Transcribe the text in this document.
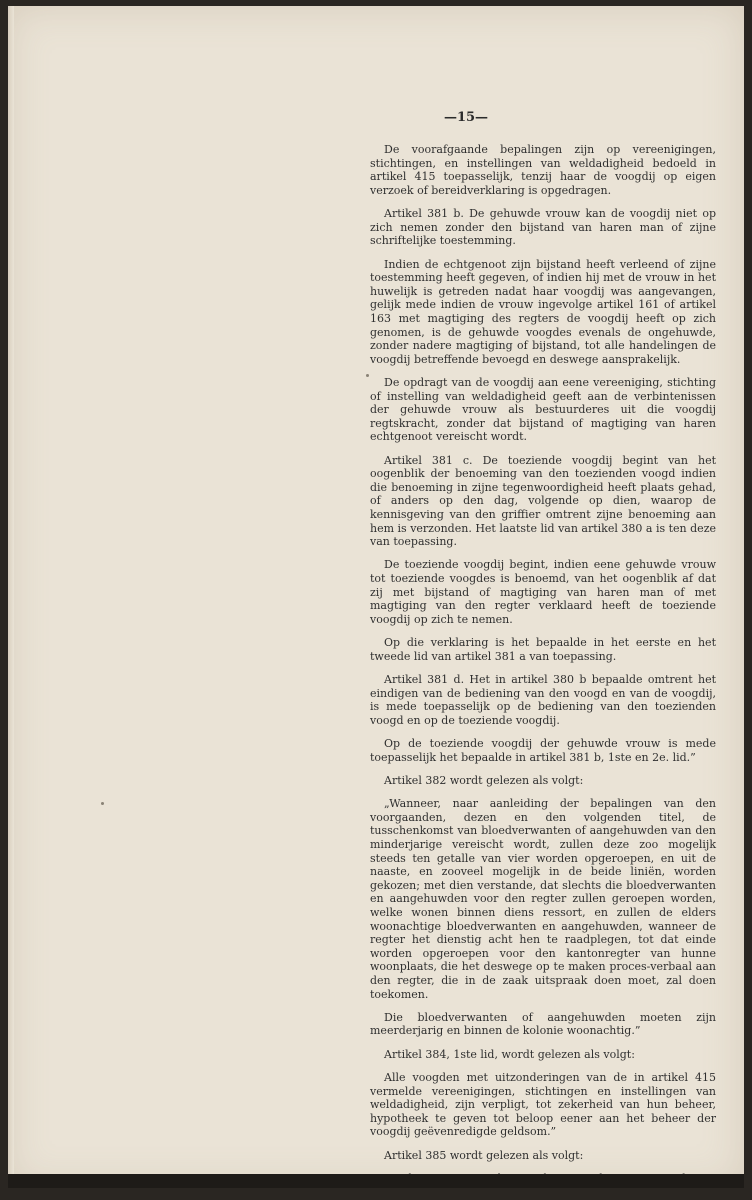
—15—

De voorafgaande bepalingen zijn op vereenigingen, stichtingen, en instellingen van weldadigheid bedoeld in artikel 415 toepasselijk, tenzij haar de voogdij op eigen verzoek of bereidverklaring is opgedragen.

Artikel 381 b. De gehuwde vrouw kan de voogdij niet op zich nemen zonder den bijstand van haren man of zijne schriftelijke toestemming.

Indien de echtgenoot zijn bijstand heeft verleend of zijne toestemming heeft gegeven, of indien hij met de vrouw in het huwelijk is getreden nadat haar voogdij was aangevangen, gelijk mede indien de vrouw ingevolge artikel 161 of artikel 163 met magtiging des regters de voogdij heeft op zich genomen, is de gehuwde voogdes evenals de ongehuwde, zonder nadere magtiging of bijstand, tot alle handelingen de voogdij betreffende bevoegd en deswege aansprakelijk.

De opdragt van de voogdij aan eene vereeniging, stichting of instelling van weldadigheid geeft aan de verbintenissen der gehuwde vrouw als bestuurderes uit die voogdij regtskracht, zonder dat bijstand of magtiging van haren echtgenoot vereischt wordt.

Artikel 381 c. De toeziende voogdij begint van het oogenblik der benoeming van den toezienden voogd indien die benoeming in zijne tegenwoordigheid heeft plaats gehad, of anders op den dag, volgende op dien, waarop de kennisgeving van den griffier omtrent zijne benoeming aan hem is verzonden. Het laatste lid van artikel 380 a is ten deze van toepassing.

De toeziende voogdij begint, indien eene gehuwde vrouw tot toeziende voogdes is benoemd, van het oogenblik af dat zij met bijstand of magtiging van haren man of met magtiging van den regter verklaard heeft de toeziende voogdij op zich te nemen.

Op die verklaring is het bepaalde in het eerste en het tweede lid van artikel 381 a van toepassing.

Artikel 381 d. Het in artikel 380 b bepaalde omtrent het eindigen van de bediening van den voogd en van de voogdij, is mede toepasselijk op de bediening van den toezienden voogd en op de toeziende voogdij.

Op de toeziende voogdij der gehuwde vrouw is mede toepasselijk het bepaalde in artikel 381 b, 1ste en 2e. lid.”

Artikel 382 wordt gelezen als volgt:

„Wanneer, naar aanleiding der bepalingen van den voorgaanden, dezen en den volgenden titel, de tusschenkomst van bloedverwanten of aangehuwden van den minderjarige vereischt wordt, zullen deze zoo mogelijk steeds ten getalle van vier worden opgeroepen, en uit de naaste, en zooveel mogelijk in de beide liniën, worden gekozen; met dien verstande, dat slechts die bloedverwanten en aangehuwden voor den regter zullen geroepen worden, welke wonen binnen diens ressort, en zullen de elders woonachtige bloedverwanten en aangehuwden, wanneer de regter het dienstig acht hen te raadplegen, tot dat einde worden opgeroepen voor den kantonregter van hunne woonplaats, die het deswege op te maken proces-verbaal aan den regter, die in de zaak uitspraak doen moet, zal doen toekomen.

Die bloedverwanten of aangehuwden moeten zijn meerderjarig en binnen de kolonie woonachtig.”

Artikel 384, 1ste lid, wordt gelezen als volgt:

Alle voogden met uitzonderingen van de in artikel 415 vermelde vereenigingen, stichtingen en instellingen van weldadigheid, zijn verpligt, tot zekerheid van hun beheer, hypotheek te geven tot beloop eener aan het beheer der voogdij geëvenredigde geldsom.”

Artikel 385 wordt gelezen als volgt:
